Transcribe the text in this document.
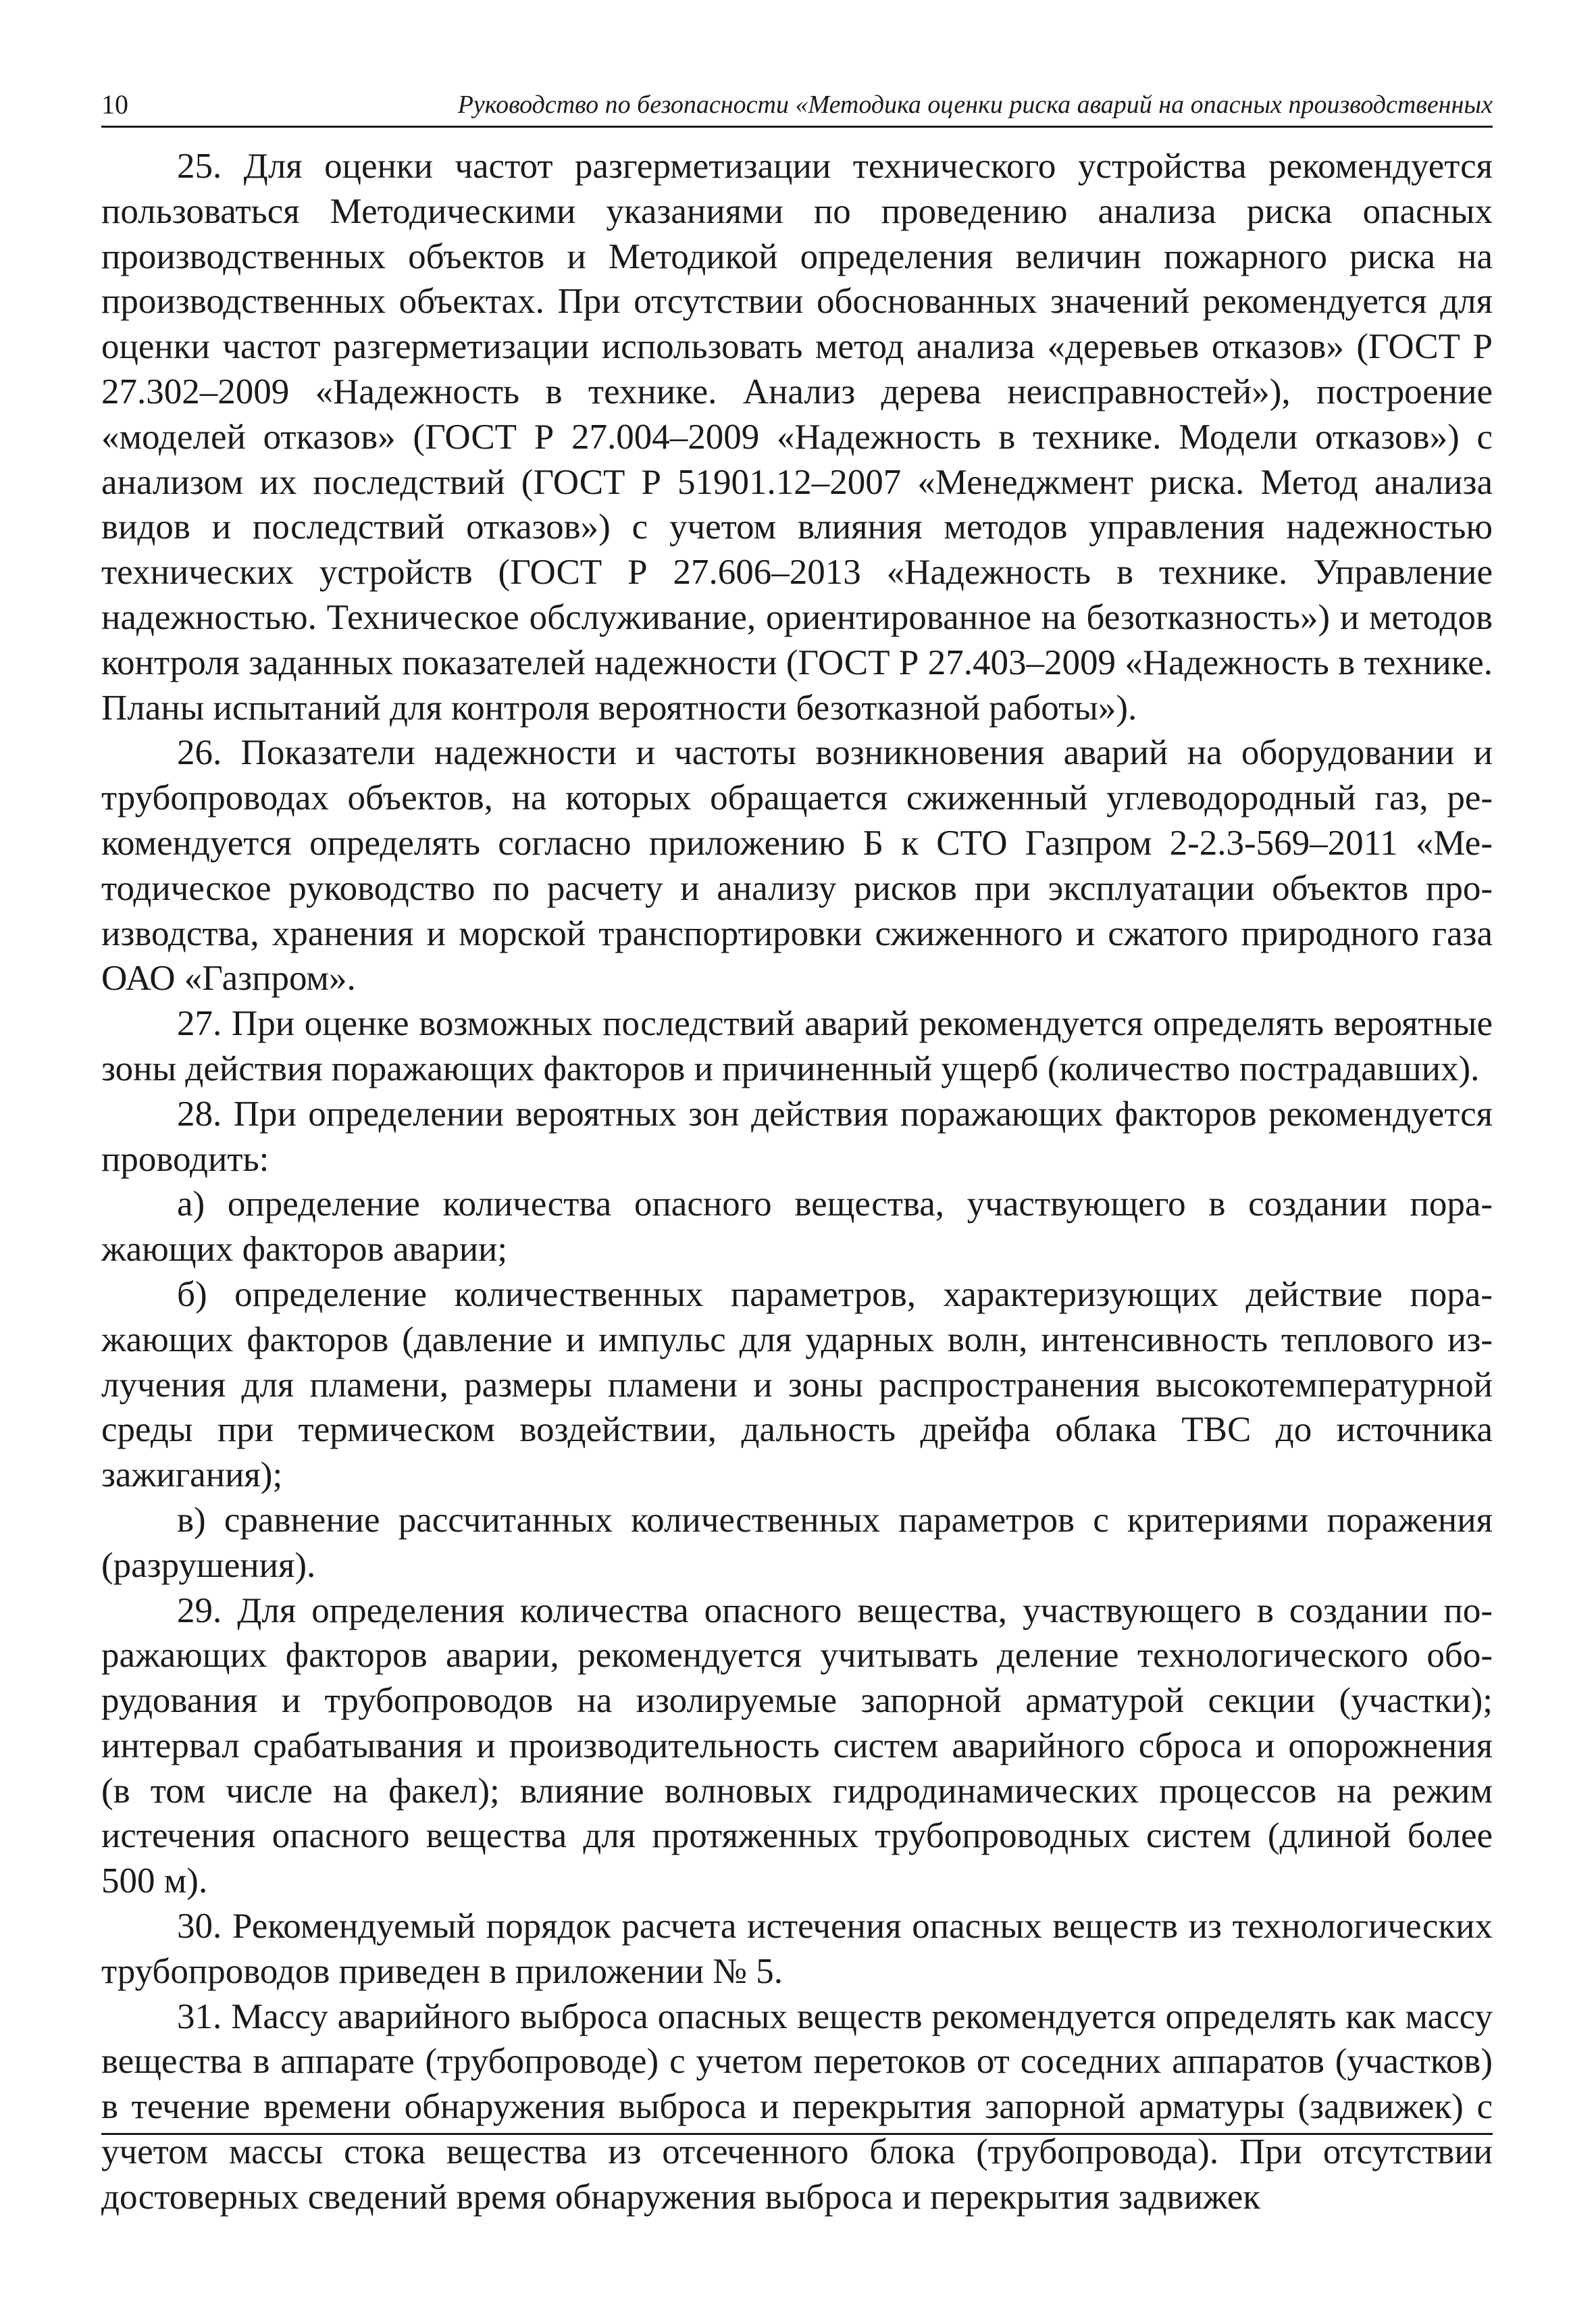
10	Руководство по безопасности «Методика оценки риска аварий на опасных производственных

25. Для оценки частот разгерметизации технического устройства рекомендуется пользоваться Методическими указаниями по проведению анализа риска опасных производственных объектов и Методикой определения величин пожарного риска на производственных объектах. При отсутствии обоснованных значений рекомендуется для оценки частот разгерметизации использовать метод анализа «деревьев отказов» (ГОСТ Р 27.302–2009 «Надежность в технике. Анализ дерева неисправностей»), построение «моделей отказов» (ГОСТ Р 27.004–2009 «Надежность в технике. Модели отказов») с анализом их последствий (ГОСТ Р 51901.12–2007 «Менеджмент риска. Метод анализа видов и последствий отказов») с учетом влияния методов управления надежностью технических устройств (ГОСТ Р 27.606–2013 «Надежность в технике. Управление надежностью. Техническое обслуживание, ориентированное на безотказность») и методов контроля заданных показателей надежности (ГОСТ Р 27.403–2009 «Надежность в технике. Планы испытаний для контроля вероятности безотказной работы»).

26. Показатели надежности и частоты возникновения аварий на оборудовании и трубопроводах объектов, на которых обращается сжиженный углеводородный газ, рекомендуется определять согласно приложению Б к СТО Газпром 2-2.3-569–2011 «Методическое руководство по расчету и анализу рисков при эксплуатации объектов производства, хранения и морской транспортировки сжиженного и сжатого природного газа ОАО «Газпром».

27. При оценке возможных последствий аварий рекомендуется определять вероятные зоны действия поражающих факторов и причиненный ущерб (количество пострадавших).

28. При определении вероятных зон действия поражающих факторов рекомендуется проводить:

а) определение количества опасного вещества, участвующего в создании поражающих факторов аварии;

б) определение количественных параметров, характеризующих действие поражающих факторов (давление и импульс для ударных волн, интенсивность теплового излучения для пламени, размеры пламени и зоны распространения высокотемпературной среды при термическом воздействии, дальность дрейфа облака ТВС до источника зажигания);

в) сравнение рассчитанных количественных параметров с критериями поражения (разрушения).

29. Для определения количества опасного вещества, участвующего в создании поражающих факторов аварии, рекомендуется учитывать деление технологического оборудования и трубопроводов на изолируемые запорной арматурой секции (участки); интервал срабатывания и производительность систем аварийного сброса и опорожнения (в том числе на факел); влияние волновых гидродинамических процессов на режим истечения опасного вещества для протяженных трубопроводных систем (длиной более 500 м).

30. Рекомендуемый порядок расчета истечения опасных веществ из технологических трубопроводов приведен в приложении № 5.

31. Массу аварийного выброса опасных веществ рекомендуется определять как массу вещества в аппарате (трубопроводе) с учетом перетоков от соседних аппаратов (участков) в течение времени обнаружения выброса и перекрытия запорной арматуры (задвижек) с учетом массы стока вещества из отсеченного блока (трубопровода). При отсутствии достоверных сведений время обнаружения выброса и перекрытия задвижек
